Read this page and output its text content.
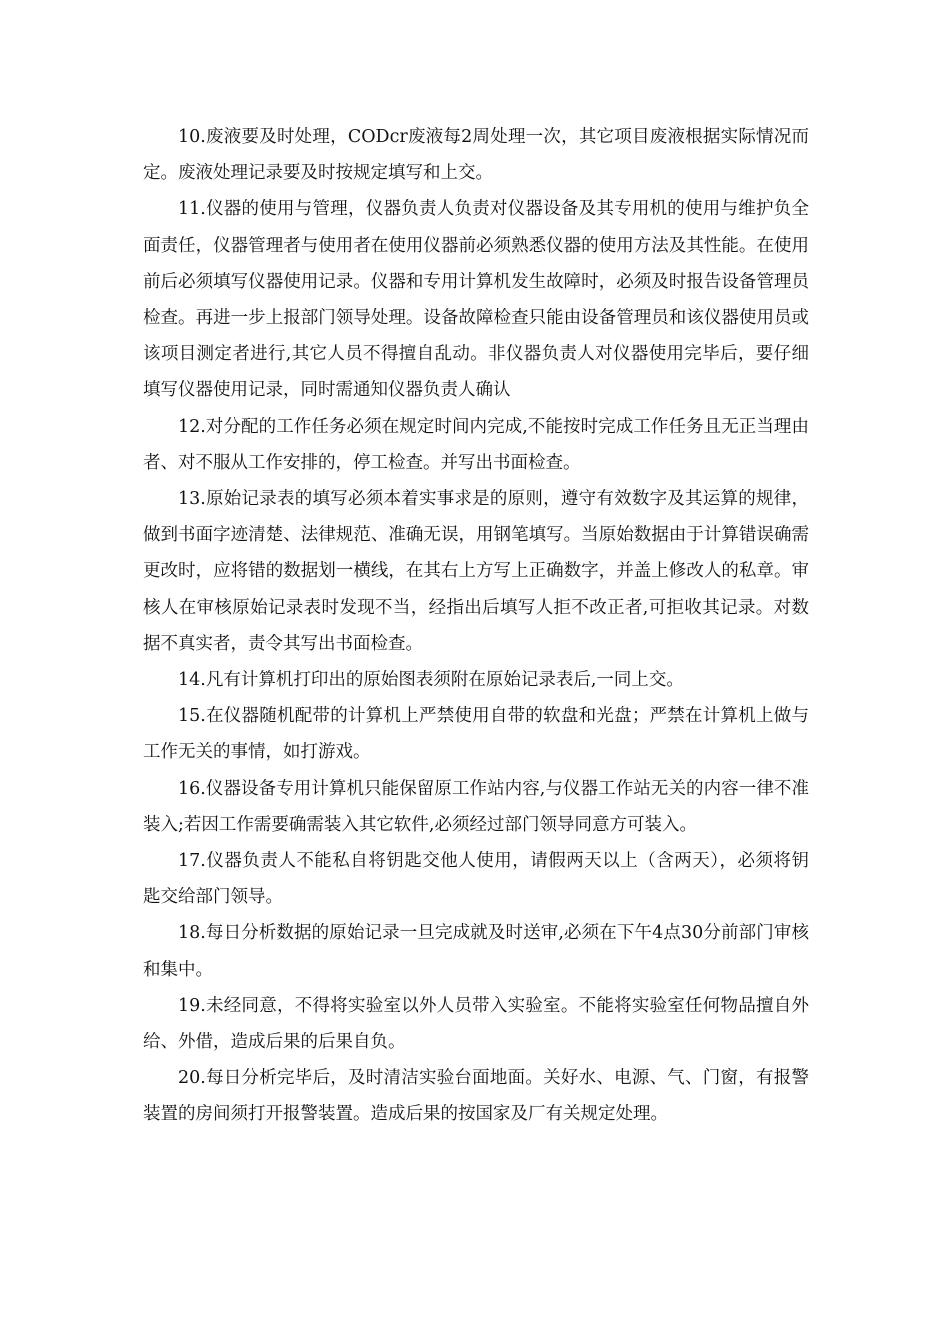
10.废液要及时处理，CODcr废液每2周处理一次，其它项目废液根据实际情况而定。废液处理记录要及时按规定填写和上交。

11.仪器的使用与管理，仪器负责人负责对仪器设备及其专用机的使用与维护负全面责任，仪器管理者与使用者在使用仪器前必须熟悉仪器的使用方法及其性能。在使用前后必须填写仪器使用记录。仪器和专用计算机发生故障时，必须及时报告设备管理员检查。再进一步上报部门领导处理。设备故障检查只能由设备管理员和该仪器使用员或该项目测定者进行,其它人员不得擅自乱动。非仪器负责人对仪器使用完毕后，要仔细填写仪器使用记录，同时需通知仪器负责人确认

12.对分配的工作任务必须在规定时间内完成,不能按时完成工作任务且无正当理由者、对不服从工作安排的，停工检查。并写出书面检查。

13.原始记录表的填写必须本着实事求是的原则，遵守有效数字及其运算的规律，做到书面字迹清楚、法律规范、准确无误，用钢笔填写。当原始数据由于计算错误确需更改时，应将错的数据划一横线，在其右上方写上正确数字，并盖上修改人的私章。审核人在审核原始记录表时发现不当，经指出后填写人拒不改正者,可拒收其记录。对数据不真实者，责令其写出书面检查。

14.凡有计算机打印出的原始图表须附在原始记录表后,一同上交。

15.在仪器随机配带的计算机上严禁使用自带的软盘和光盘；严禁在计算机上做与工作无关的事情，如打游戏。

16.仪器设备专用计算机只能保留原工作站内容,与仪器工作站无关的内容一律不准装入;若因工作需要确需装入其它软件,必须经过部门领导同意方可装入。

17.仪器负责人不能私自将钥匙交他人使用，请假两天以上（含两天），必须将钥匙交给部门领导。

18.每日分析数据的原始记录一旦完成就及时送审,必须在下午4点30分前部门审核和集中。

19.未经同意，不得将实验室以外人员带入实验室。不能将实验室任何物品擅自外给、外借，造成后果的后果自负。

20.每日分析完毕后，及时清洁实验台面地面。关好水、电源、气、门窗，有报警装置的房间须打开报警装置。造成后果的按国家及厂有关规定处理。
